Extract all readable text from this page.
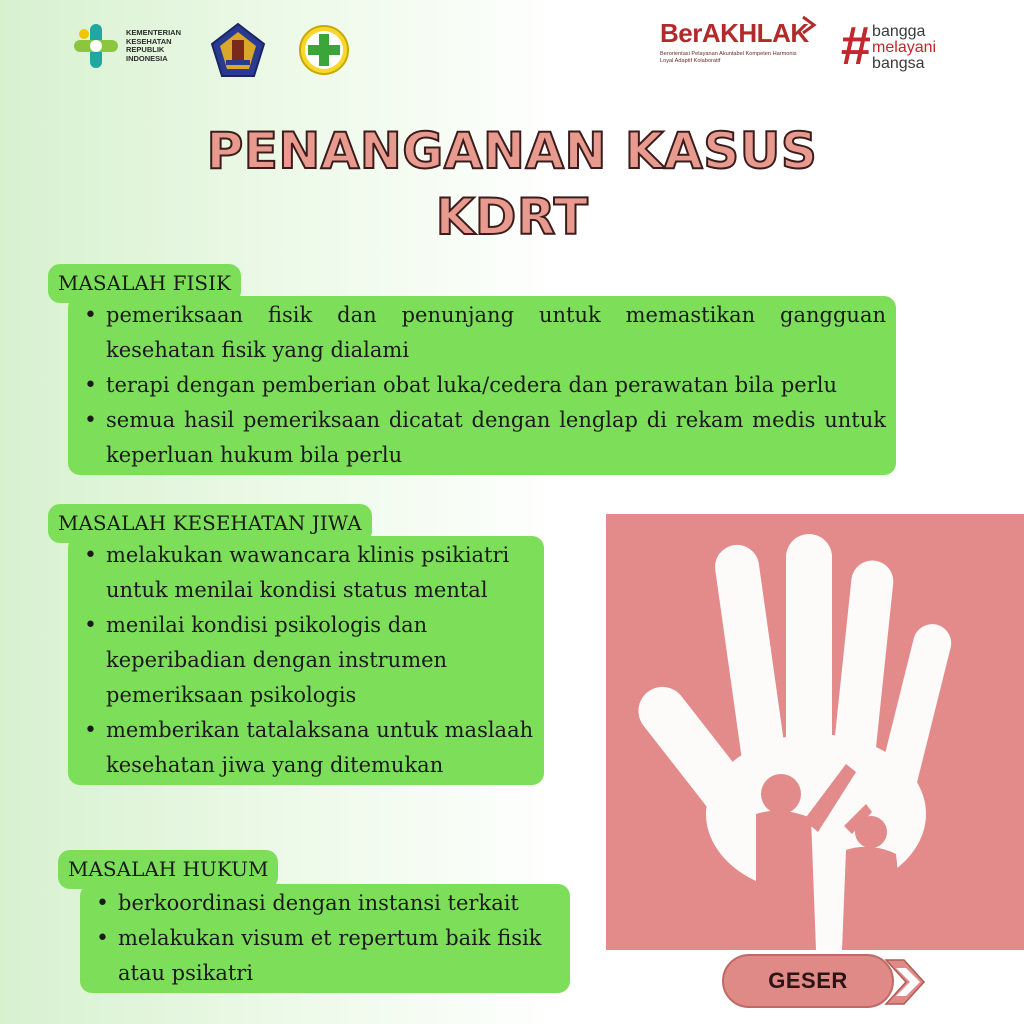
KEMENTERIAN
KESEHATAN
REPUBLIK
INDONESIA
BerAKHLAK
Berorientasi Pelayanan Akuntabel Kompeten Harmonis Loyal Adaptif Kolaboratif	# bangga
melayani
bangsa
PENANGANAN KASUS
KDRT
MASALAH FISIK
• pemeriksaan fisik dan penunjang untuk memastikan gangguan kesehatan fisik yang dialami
• terapi dengan pemberian obat luka/cedera dan perawatan bila perlu
• semua hasil pemeriksaan dicatat dengan lenglap di rekam medis untuk keperluan hukum bila perlu
MASALAH KESEHATAN JIWA
• melakukan wawancara klinis psikiatri untuk menilai kondisi status mental
• menilai kondisi psikologis dan keperibadian dengan instrumen pemeriksaan psikologis
• memberikan tatalaksana untuk maslaah kesehatan jiwa yang ditemukan
MASALAH HUKUM
• berkoordinasi dengan instansi terkait
• melakukan visum et repertum baik fisik atau psikatri	GESER
